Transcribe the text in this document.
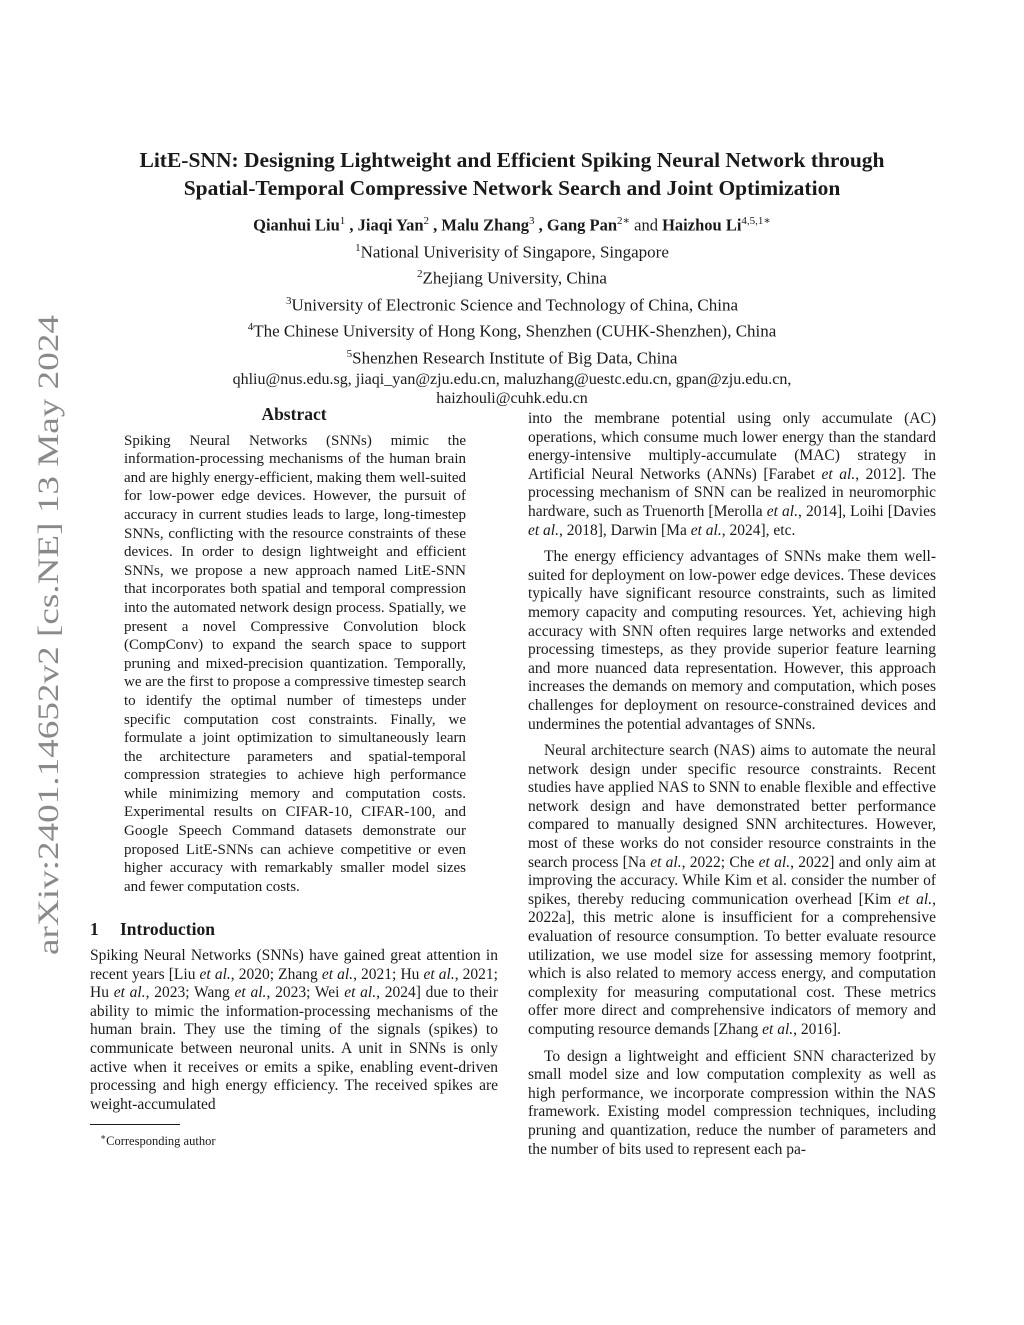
arXiv:2401.14652v2 [cs.NE] 13 May 2024
LitE-SNN: Designing Lightweight and Efficient Spiking Neural Network through
Spatial-Temporal Compressive Network Search and Joint Optimization
Qianhui Liu$^1$ , Jiaqi Yan$^2$ , Malu Zhang$^3$ , Gang Pan$^{2∗}$ and Haizhou $Li^{4,5,1∗}$
$^1$National Univerisity of Singapore, Singapore
$^2$Zhejiang University, China
$^3$University of Electronic Science and Technology of China, China
$^4$The Chinese University of Hong Kong, Shenzhen (CUHK-Shenzhen), China
$^5$Shenzhen Research Institute of Big Data, China
qhliu@nus.edu.sg, jiaqi_yan@zju.edu.cn, maluzhang@uestc.edu.cn, gpan@zju.edu.cn,
haizhouli@cuhk.edu.cn
Abstract

Spiking Neural Networks (SNNs) mimic the information-processing mechanisms of the human brain and are highly energy-efficient, making them well-suited for low-power edge devices. However, the pursuit of accuracy in current studies leads to large, long-timestep SNNs, conflicting with the resource constraints of these devices. In order to design lightweight and efficient SNNs, we propose a new approach named LitE-SNN that incorporates both spatial and temporal compression into the automated network design process. Spatially, we present a novel Compressive Convolution block (CompConv) to expand the search space to support pruning and mixed-precision quantization. Temporally, we are the first to propose a compressive timestep search to identify the optimal number of timesteps under specific computation cost constraints. Finally, we formulate a joint optimization to simultaneously learn the architecture parameters and spatial-temporal compression strategies to achieve high performance while minimizing memory and computation costs. Experimental results on CIFAR-10, CIFAR-100, and Google Speech Command datasets demonstrate our proposed LitE-SNNs can achieve competitive or even higher accuracy with remarkably smaller model sizes and fewer computation costs.

1 Introduction

Spiking Neural Networks (SNNs) have gained great attention in recent years [Liu et al., 2020; Zhang et al., 2021; Hu et al., 2021; Hu et al., 2023; Wang et al., 2023; Wei et al., 2024] due to their ability to mimic the information-processing mechanisms of the human brain. They use the timing of the signals (spikes) to communicate between neuronal units. A unit in SNNs is only active when it receives or emits a spike, enabling event-driven processing and high energy efficiency. The received spikes are weight-accumulated

∗Corresponding author

into the membrane potential using only accumulate (AC) operations, which consume much lower energy than the standard energy-intensive multiply-accumulate (MAC) strategy in Artificial Neural Networks (ANNs) [Farabet et al., 2012]. The processing mechanism of SNN can be realized in neuromorphic hardware, such as Truenorth [Merolla et al., 2014], Loihi [Davies et al., 2018], Darwin [Ma et al., 2024], etc.

The energy efficiency advantages of SNNs make them well-suited for deployment on low-power edge devices. These devices typically have significant resource constraints, such as limited memory capacity and computing resources. Yet, achieving high accuracy with SNN often requires large networks and extended processing timesteps, as they provide superior feature learning and more nuanced data representation. However, this approach increases the demands on memory and computation, which poses challenges for deployment on resource-constrained devices and undermines the potential advantages of SNNs.

Neural architecture search (NAS) aims to automate the neural network design under specific resource constraints. Recent studies have applied NAS to SNN to enable flexible and effective network design and have demonstrated better performance compared to manually designed SNN architectures. However, most of these works do not consider resource constraints in the search process [Na et al., 2022; Che et al., 2022] and only aim at improving the accuracy. While Kim et al. consider the number of spikes, thereby reducing communication overhead [Kim et al., 2022a], this metric alone is insufficient for a comprehensive evaluation of resource consumption. To better evaluate resource utilization, we use model size for assessing memory footprint, which is also related to memory access energy, and computation complexity for measuring computational cost. These metrics offer more direct and comprehensive indicators of memory and computing resource demands [Zhang et al., 2016].

To design a lightweight and efficient SNN characterized by small model size and low computation complexity as well as high performance, we incorporate compression within the NAS framework. Existing model compression techniques, including pruning and quantization, reduce the number of parameters and the number of bits used to represent each pa-
